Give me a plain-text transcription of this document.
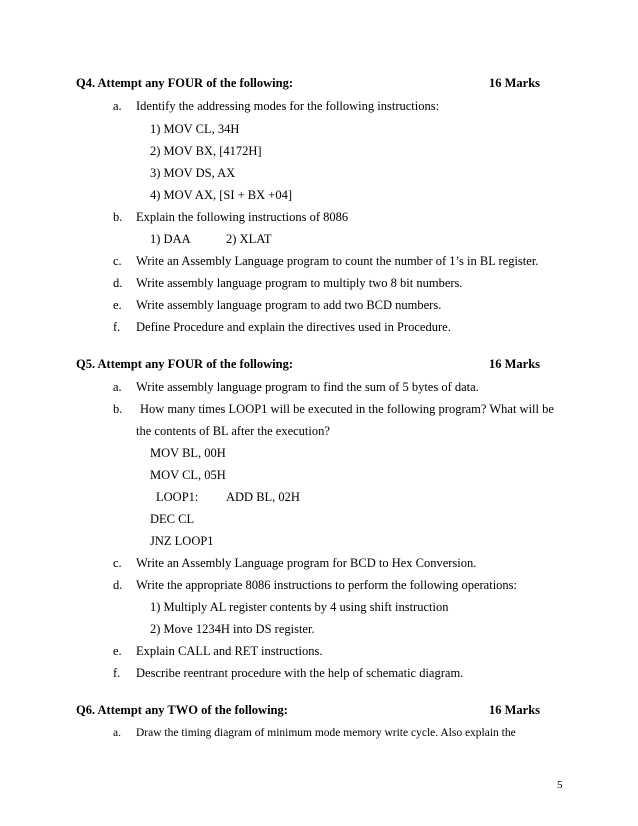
Q4. Attempt any FOUR of the following:	16 Marks
a. Identify the addressing modes for the following instructions:
1) MOV CL, 34H
2) MOV BX, [4172H]
3) MOV DS, AX
4) MOV AX, [SI + BX +04]
b. Explain the following instructions of 8086
1) DAA	2) XLAT
c. Write an Assembly Language program to count the number of 1’s in BL register.
d. Write assembly language program to multiply two 8 bit numbers.
e. Write assembly language program to add two BCD numbers.
f. Define Procedure and explain the directives used in Procedure.
Q5. Attempt any FOUR of the following:	16 Marks
a. Write assembly language program to find the sum of 5 bytes of data.
b. How many times LOOP1 will be executed in the following program? What will be
the contents of BL after the execution?
MOV BL, 00H
MOV CL, 05H
LOOP1: ADD BL, 02H
DEC CL
JNZ LOOP1
c. Write an Assembly Language program for BCD to Hex Conversion.
d. Write the appropriate 8086 instructions to perform the following operations:
1) Multiply AL register contents by 4 using shift instruction
2) Move 1234H into DS register.
e. Explain CALL and RET instructions.
f. Describe reentrant procedure with the help of schematic diagram.
Q6. Attempt any TWO of the following:	16 Marks
a. Draw the timing diagram of minimum mode memory write cycle. Also explain the
5
